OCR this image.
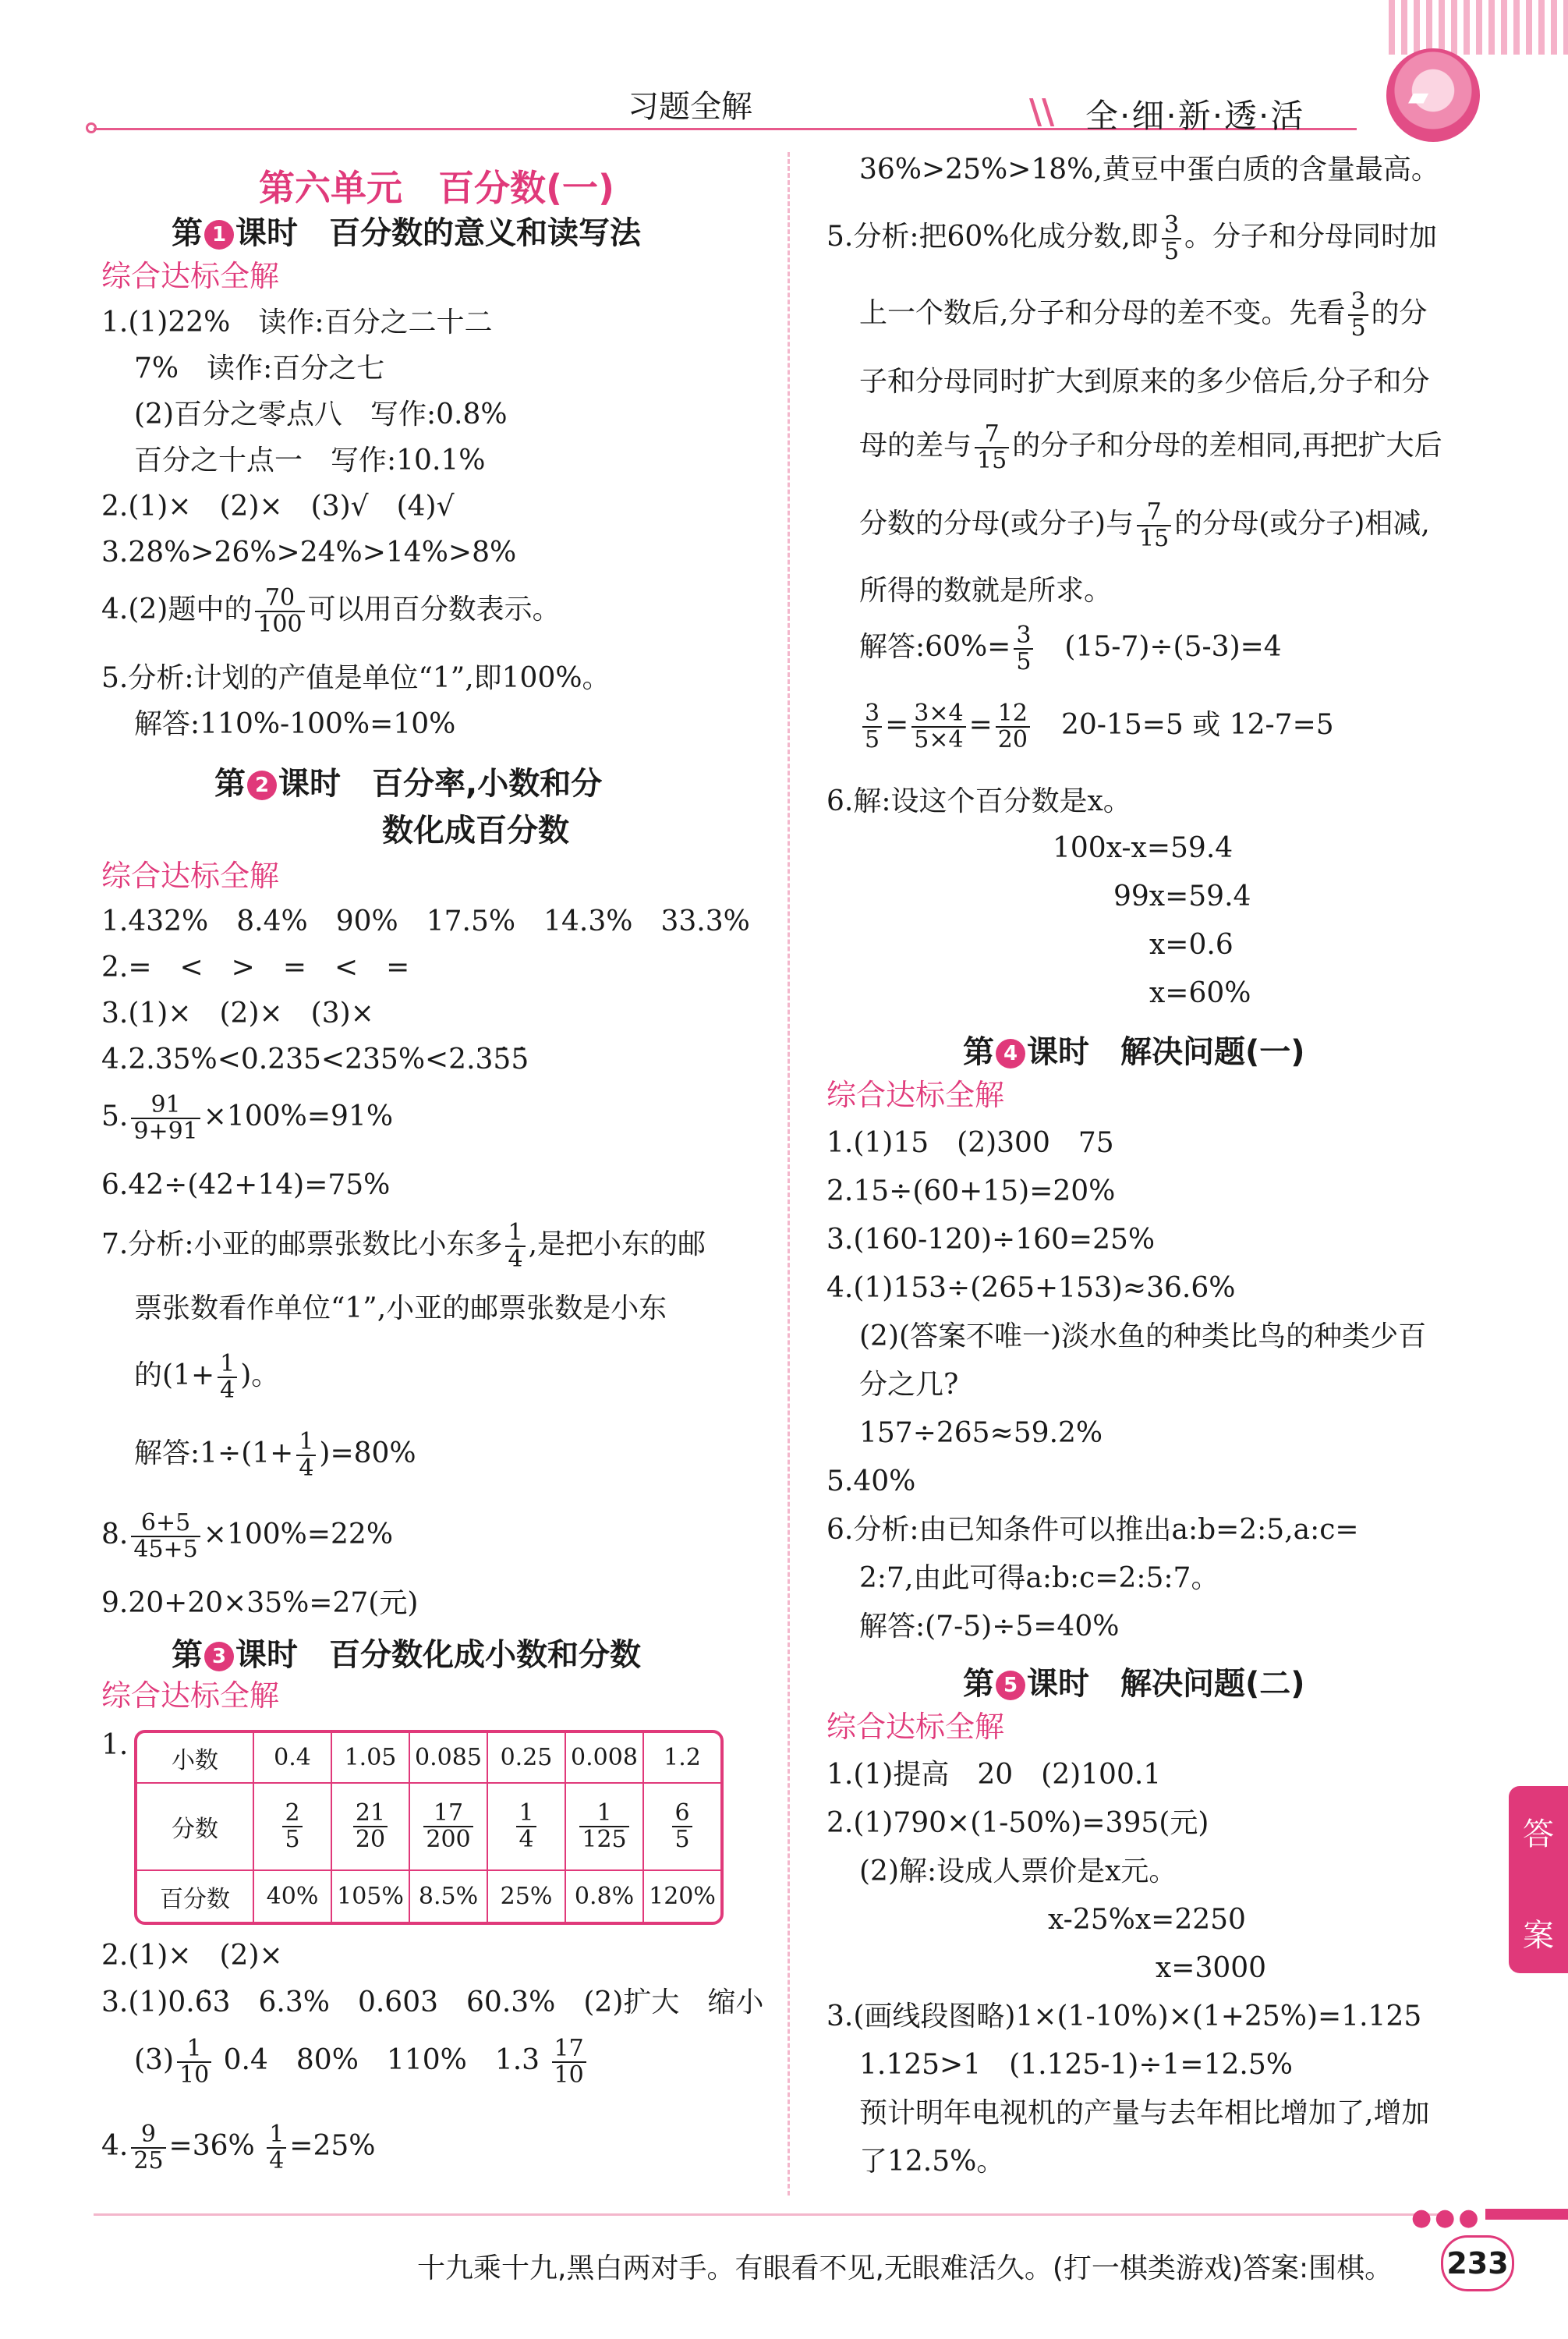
习题全解	\\ 全·细·新·透·活	▰
第六单元　百分数(一)
第 1 课时　百分数的意义和读写法
综合达标全解
1.(1)22%　读作:百分之二十二
7%　读作:百分之七
(2)百分之零点八　写作:0.8%
百分之十点一　写作:10.1%
2.(1)×　(2)×　(3)√　(4)√
3.28%>26%>24%>14%>8%
4.(2)题中的 $\frac{70}{100}$ 可以用百分数表示。
5.分析:计划的产值是单位“1”,即100%。
解答:110%-100%=10%
第 2 课时　百分率,小数和分
数化成百分数
综合达标全解
1.432%　8.4%　90%　17.5%　14.3%　33.3%
2.=　<　>　=　<　=
3.(1)×　(2)×　(3)×
4.2.35%<0.235<235%<2.35̇5̇
5. $\frac{91}{9+91} \times 100\%=91\%$
6.42÷(42+14)=75%
7.分析:小亚的邮票张数比小东多 $\frac{1}{4}$ ,是把小东的邮
票张数看作单位“1”,小亚的邮票张数是小东
的($1+ \frac{1}{4}$ )。
解答:1÷(1+ $\frac{1}{4} )=80\%$
8. $\frac{6+5}{45+5} \times 100\%=22\%$
9.20+20×35%=27(元)
第 3 课时　百分数化成小数和分数
综合达标全解
1. 小数	0.4	1.05	0.085	0.25	0.008	1.2
分数	$\frac{2}{5}$	$\frac{21}{20}$	$\frac{17}{200}$	$\frac{1}{4}$	$\frac{1}{125}$	$\frac{6}{5}$

百分数	40%	105%	8.5%	25%	0.8%	120%
2.(1)×　(2)×
3.(1)0.6̇3̇　6.3%　0.603　60.3%　(2)扩大　缩小
$(3) \frac{1}{10} 0.4$　80%　110%　$1.3 \frac{17}{10}$
4. $\frac{9}{25} =36\% \frac{1}{4} =25\%$
36%>25%>18%,黄豆中蛋白质的含量最高。
5.分析:把60%化成分数,即 $\frac{3}{5}$ 。分子和分母同时加
上一个数后,分子和分母的差不变。先看 $\frac{3}{5}$ 的分
子和分母同时扩大到原来的多少倍后,分子和分
母的差与 $\frac{7}{15}$ 的分子和分母的差相同,再把扩大后
分数的分母(或分子)与 $\frac{7}{15}$ 的分母(或分子)相减,
所得的数就是所求。
解答:60%= $\frac{3}{5}$
　 (15-7)÷(5-3)=4
$\frac{3}{5} = \frac{3\times 4}{5\times 4} = \frac{12}{20}$
　 20-15=5 或 12-7=5
6.解:设这个百分数是x。
100x-x=59.4
99x=59.4
x=0.6
x=60%
第 4 课时　解决问题(一)
综合达标全解
1.(1)15　(2)300　75
2.15÷(60+15)=20%
3.(160-120)÷160=25%
4.(1)153÷(265+153)≈36.6%
(2)(答案不唯一)淡水鱼的种类比鸟的种类少百
分之几?
157÷265≈59.2%
5.40%
6.分析:由已知条件可以推出a:b=2:5,a:c=
2:7,由此可得a:b:c=2:5:7。
解答:(7-5)÷5=40%
第 5 课时　解决问题(二)
综合达标全解
1.(1)提高　20　(2)100.1
2.(1)790×(1-50%)=395(元)
(2)解:设成人票价是x元。
x-25%x=2250
x=3000
3.(画线段图略)1×(1-10%)×(1+25%)=1.125
1.125>1　(1.125-1)÷1=12.5%
预计明年电视机的产量与去年相比增加了,增加
了12.5%。
答
案
●●●
十九乘十九,黑白两对手。有眼看不见,无眼难活久。(打一棋类游戏)答案:围棋。 233
